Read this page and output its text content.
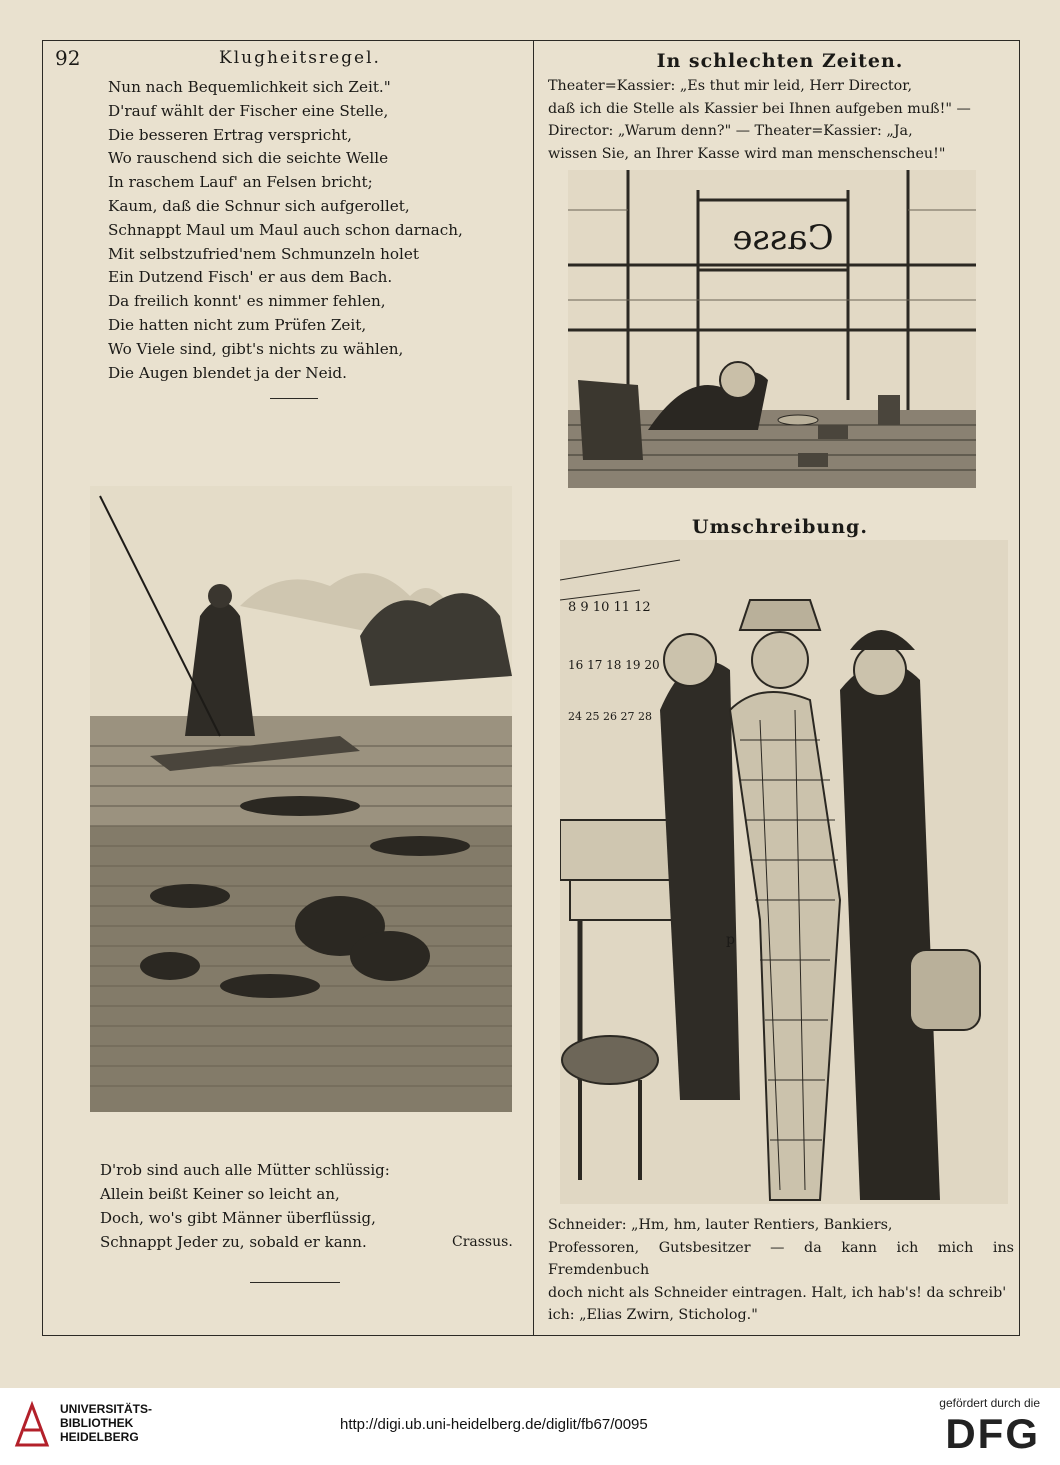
92	Klugheitsregel.
Nun nach Bequemlichkeit sich Zeit."
D'rauf wählt der Fischer eine Stelle,
Die besseren Ertrag verspricht,
Wo rauschend sich die seichte Welle
In raschem Lauf' an Felsen bricht;
Kaum, daß die Schnur sich aufgerollet,
Schnappt Maul um Maul auch schon darnach,
Mit selbstzufried'nem Schmunzeln holet
Ein Dutzend Fisch' er aus dem Bach.
Da freilich konnt' es nimmer fehlen,
Die hatten nicht zum Prüfen Zeit,
Wo Viele sind, gibt's nichts zu wählen,
Die Augen blendet ja der Neid.
D'rob sind auch alle Mütter schlüssig:
Allein beißt Keiner so leicht an,
Doch, wo's gibt Männer überflüssig,
Schnappt Jeder zu, sobald er kann.	Crassus.
In schlechten Zeiten.
Theater=Kassier: „Es thut mir leid, Herr Director,
daß ich die Stelle als Kassier bei Ihnen aufgeben muß!" —
Director: „Warum denn?" — Theater=Kassier: „Ja,
wissen Sie, an Ihrer Kasse wird man menschenscheu!"
Casse
Umschreibung.
8 9 10 11 12
16 17 18 19 20
24 25 26 27 28
p
Schneider: „Hm, hm, lauter Rentiers, Bankiers,
Professoren, Gutsbesitzer — da kann ich mich ins Fremdenbuch
doch nicht als Schneider eintragen. Halt, ich hab's! da schreib'
ich: „Elias Zwirn, Sticholog."
UNIVERSITÄTS-
BIBLIOTHEK
HEIDELBERG
http://digi.ub.uni-heidelberg.de/diglit/fb67/0095
gefördert durch die
DFG
